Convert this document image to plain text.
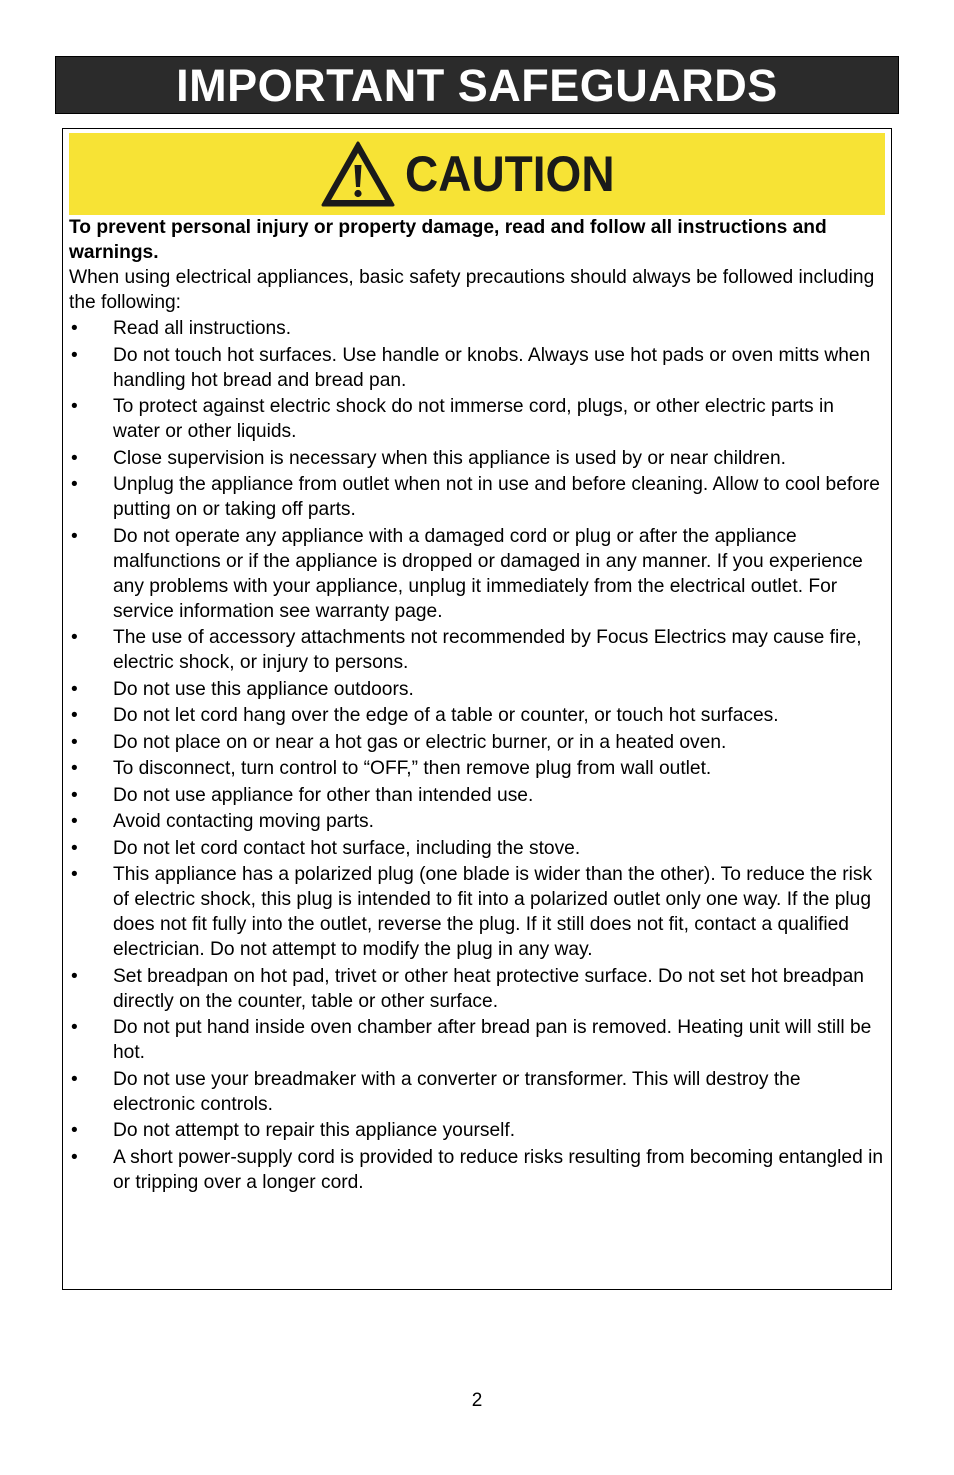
IMPORTANT SAFEGUARDS
CAUTION

To prevent personal injury or property damage, read and follow all instructions and warnings.

When using electrical appliances, basic safety precautions should always be followed including the following:

• Read all instructions.
• Do not touch hot surfaces. Use handle or knobs. Always use hot pads or oven mitts when handling hot bread and bread pan.
• To protect against electric shock do not immerse cord, plugs, or other electric parts in water or other liquids.
• Close supervision is necessary when this appliance is used by or near children.
• Unplug the appliance from outlet when not in use and before cleaning. Allow to cool before putting on or taking off parts.
• Do not operate any appliance with a damaged cord or plug or after the appliance malfunctions or if the appliance is dropped or damaged in any manner. If you experience any problems with your appliance, unplug it immediately from the electrical outlet. For service information see warranty page.
• The use of accessory attachments not recommended by Focus Electrics may cause fire, electric shock, or injury to persons.
• Do not use this appliance outdoors.
• Do not let cord hang over the edge of a table or counter, or touch hot surfaces.
• Do not place on or near a hot gas or electric burner, or in a heated oven.
• To disconnect, turn control to “OFF,” then remove plug from wall outlet.
• Do not use appliance for other than intended use.
• Avoid contacting moving parts.
• Do not let cord contact hot surface, including the stove.
• This appliance has a polarized plug (one blade is wider than the other). To reduce the risk of electric shock, this plug is intended to fit into a polarized outlet only one way. If the plug does not fit fully into the outlet, reverse the plug. If it still does not fit, contact a qualified electrician. Do not attempt to modify the plug in any way.
• Set breadpan on hot pad, trivet or other heat protective surface. Do not set hot breadpan directly on the counter, table or other surface.
• Do not put hand inside oven chamber after bread pan is removed. Heating unit will still be hot.
• Do not use your breadmaker with a converter or transformer. This will destroy the electronic controls.
• Do not attempt to repair this appliance yourself.
• A short power-supply cord is provided to reduce risks resulting from becoming entangled in or tripping over a longer cord.
2
